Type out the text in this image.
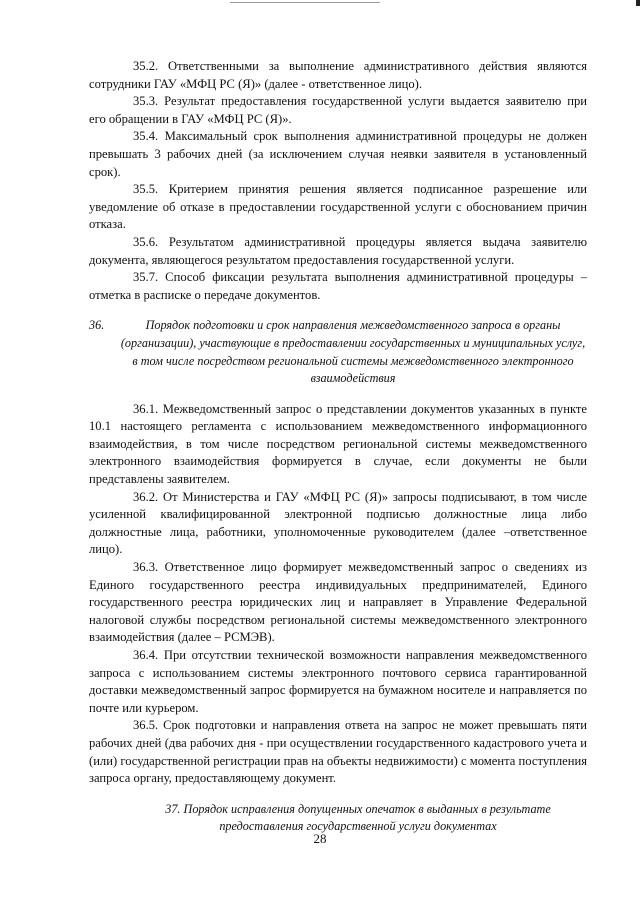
35.2. Ответственными за выполнение административного действия являются сотрудники ГАУ «МФЦ РС (Я)» (далее - ответственное лицо).

35.3. Результат предоставления государственной услуги выдается заявителю при его обращении в ГАУ «МФЦ РС (Я)».

35.4. Максимальный срок выполнения административной процедуры не должен превышать 3 рабочих дней (за исключением случая неявки заявителя в установленный срок).

35.5. Критерием принятия решения является подписанное разрешение или уведомление об отказе в предоставлении государственной услуги с обоснованием причин отказа.

35.6. Результатом административной процедуры является выдача заявителю документа, являющегося результатом предоставления государственной услуги.

35.7. Способ фиксации результата выполнения административной процедуры – отметка в расписке о передаче документов.

36.	Порядок подготовки и срок направления межведомственного запроса в органы (организации), участвующие в предоставлении государственных и муниципальных услуг, в том числе посредством региональной системы межведомственного электронного взаимодействия

36.1. Межведомственный запрос о представлении документов указанных в пункте 10.1 настоящего регламента с использованием межведомственного информационного взаимодействия, в том числе посредством региональной системы межведомственного электронного взаимодействия формируется в случае, если документы не были представлены заявителем.

36.2. От Министерства и ГАУ «МФЦ РС (Я)» запросы подписывают, в том числе усиленной квалифицированной электронной подписью должностные лица либо должностные лица, работники, уполномоченные руководителем (далее –ответственное лицо).

36.3. Ответственное лицо формирует межведомственный запрос о сведениях из Единого государственного реестра индивидуальных предпринимателей, Единого государственного реестра юридических лиц и направляет в Управление Федеральной налоговой службы посредством региональной системы межведомственного электронного взаимодействия (далее – РСМЭВ).

36.4. При отсутствии технической возможности направления межведомственного запроса с использованием системы электронного почтового сервиса гарантированной доставки межведомственный запрос формируется на бумажном носителе и направляется по почте или курьером.

36.5. Срок подготовки и направления ответа на запрос не может превышать пяти рабочих дней (два рабочих дня - при осуществлении государственного кадастрового учета и (или) государственной регистрации прав на объекты недвижимости) с момента поступления запроса органу, предоставляющему документ.

37. Порядок исправления допущенных опечаток в выданных в результате предоставления государственной услуги документах

28
